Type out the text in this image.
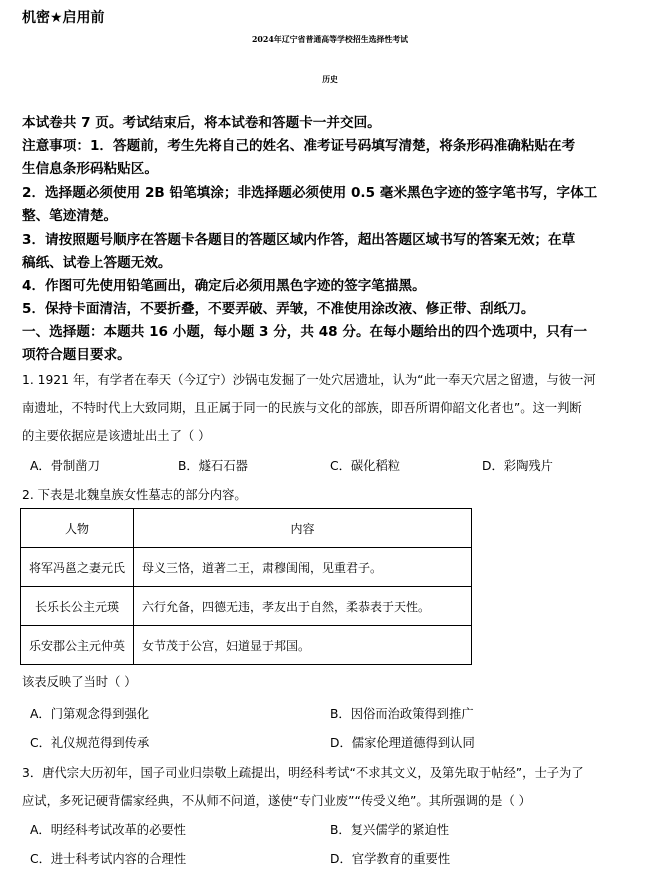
机密★启用前
2024年辽宁省普通高等学校招生选择性考试
历史
本试卷共 7 页。考试结束后，将本试卷和答题卡一并交回。
注意事项：1．答题前，考生先将自己的姓名、准考证号码填写清楚，将条形码准确粘贴在考
生信息条形码粘贴区。
2．选择题必须使用 2B 铅笔填涂；非选择题必须使用 0.5 毫米黑色字迹的签字笔书写，字体工
整、笔迹清楚。
3．请按照题号顺序在答题卡各题目的答题区域内作答，超出答题区域书写的答案无效；在草
稿纸、试卷上答题无效。
4．作图可先使用铅笔画出，确定后必须用黑色字迹的签字笔描黑。
5．保持卡面清洁，不要折叠，不要弄破、弄皱，不准使用涂改液、修正带、刮纸刀。
一、选择题：本题共 16 小题，每小题 3 分，共 48 分。在每小题给出的四个选项中，只有一
项符合题目要求。
1. 1921 年，有学者在奉天（今辽宁）沙锅屯发掘了一处穴居遗址，认为“此一奉天穴居之留遗，与彼一河
南遗址，不特时代上大致同期，且正属于同一的民族与文化的部族，即吾所谓仰韶文化者也”。这一判断
的主要依据应是该遗址出土了（ ）
A．骨制凿刀	B．燧石石器	C．碳化稻粒	D．彩陶残片
2. 下表是北魏皇族女性墓志的部分内容。
人物	内容
将军冯邕之妻元氏	母义三恪，道著二王，肃穆闺闱，见重君子。
长乐长公主元瑛	六行允备，四德无违，孝友出于自然，柔恭表于天性。
乐安郡公主元仲英	女节茂于公宫，妇道显于邦国。
该表反映了当时（ ）
A．门第观念得到强化	B．因俗而治政策得到推广
C．礼仪规范得到传承	D．儒家伦理道德得到认同
3．唐代宗大历初年，国子司业归崇敬上疏提出，明经科考试“不求其文义，及第先取于帖经”，士子为了
应试，多死记硬背儒家经典，不从师不问道，遂使“专门业废”“传受义绝”。其所强调的是（ ）
A．明经科考试改革的必要性	B．复兴儒学的紧迫性
C．进士科考试内容的合理性	D．官学教育的重要性
